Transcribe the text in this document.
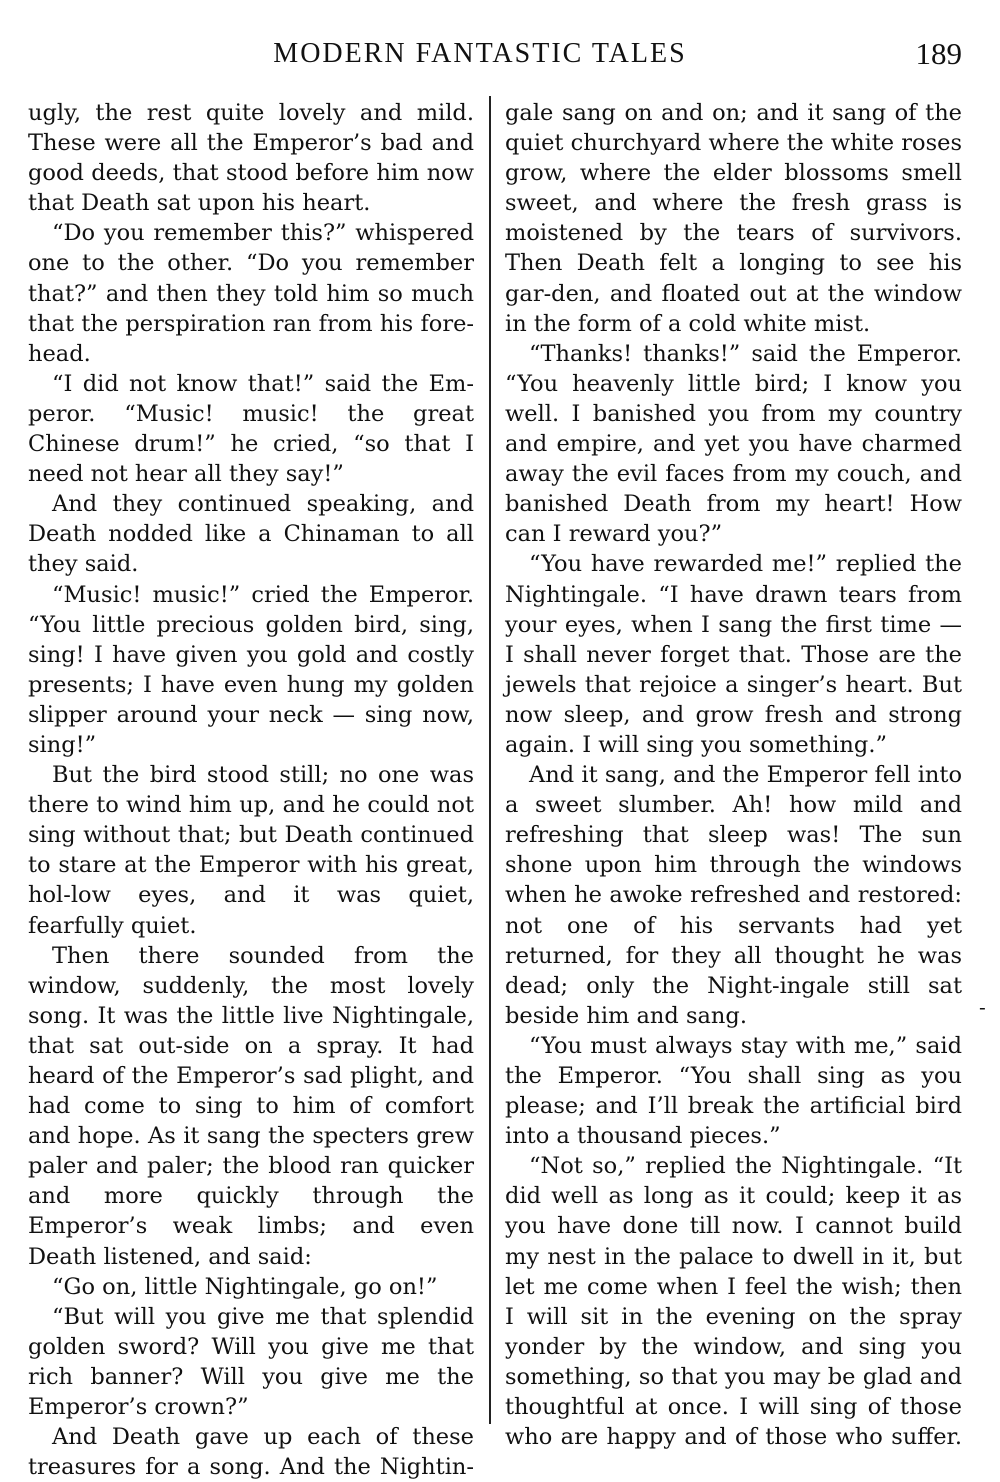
MODERN FANTASTIC TALES	189

ugly, the rest quite lovely and mild. These were all the Emperor’s bad and good deeds, that stood before him now that Death sat upon his heart.

“Do you remember this?” whispered one to the other. “Do you remember that?” and then they told him so much that the perspiration ran from his fore-head.

“I did not know that!” said the Em-peror. “Music! music! the great Chinese drum!” he cried, “so that I need not hear all they say!”

And they continued speaking, and Death nodded like a Chinaman to all they said.

“Music! music!” cried the Emperor. “You little precious golden bird, sing, sing! I have given you gold and costly presents; I have even hung my golden slipper around your neck — sing now, sing!”

But the bird stood still; no one was there to wind him up, and he could not sing without that; but Death continued to stare at the Emperor with his great, hol-low eyes, and it was quiet, fearfully quiet.

Then there sounded from the window, suddenly, the most lovely song. It was the little live Nightingale, that sat out-side on a spray. It had heard of the Emperor’s sad plight, and had come to sing to him of comfort and hope. As it sang the specters grew paler and paler; the blood ran quicker and more quickly through the Emperor’s weak limbs; and even Death listened, and said:

“Go on, little Nightingale, go on!”

“But will you give me that splendid golden sword? Will you give me that rich banner? Will you give me the Emperor’s crown?”

And Death gave up each of these treasures for a song. And the Nightin-

gale sang on and on; and it sang of the quiet churchyard where the white roses grow, where the elder blossoms smell sweet, and where the fresh grass is moistened by the tears of survivors. Then Death felt a longing to see his gar-den, and floated out at the window in the form of a cold white mist.

“Thanks! thanks!” said the Emperor. “You heavenly little bird; I know you well. I banished you from my country and empire, and yet you have charmed away the evil faces from my couch, and banished Death from my heart! How can I reward you?”

“You have rewarded me!” replied the Nightingale. “I have drawn tears from your eyes, when I sang the first time — I shall never forget that. Those are the jewels that rejoice a singer’s heart. But now sleep, and grow fresh and strong again. I will sing you something.”

And it sang, and the Emperor fell into a sweet slumber. Ah! how mild and refreshing that sleep was! The sun shone upon him through the windows when he awoke refreshed and restored: not one of his servants had yet returned, for they all thought he was dead; only the Night-ingale still sat beside him and sang.

“You must always stay with me,” said the Emperor. “You shall sing as you please; and I’ll break the artificial bird into a thousand pieces.”

“Not so,” replied the Nightingale. “It did well as long as it could; keep it as you have done till now. I cannot build my nest in the palace to dwell in it, but let me come when I feel the wish; then I will sit in the evening on the spray yonder by the window, and sing you something, so that you may be glad and thoughtful at once. I will sing of those who are happy and of those who suffer.

-
